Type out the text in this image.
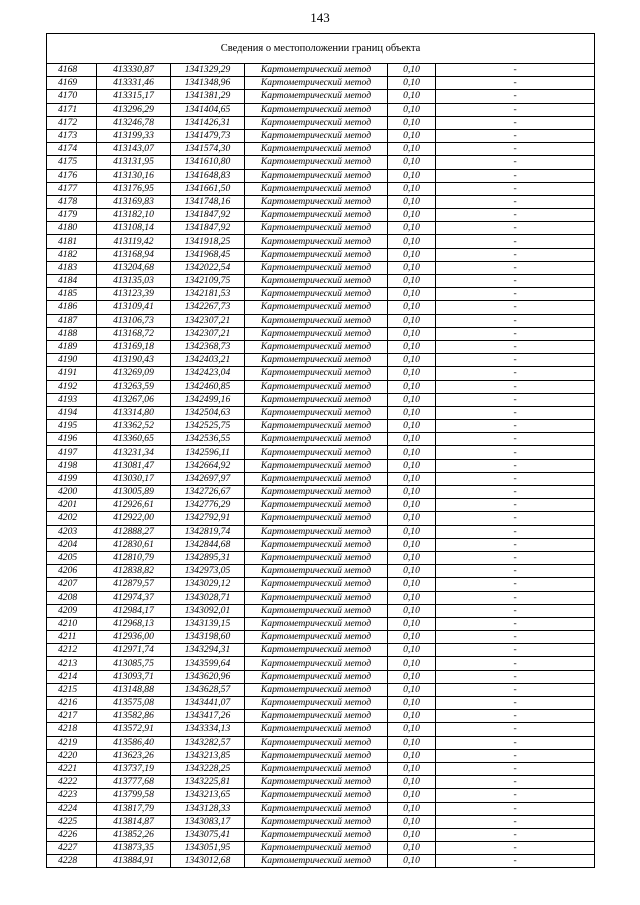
143
Сведения о местоположении границ объекта					
4168	413330,87	1341329,29	Картометрический метод	0,10	-
4169	413331,46	1341348,96	Картометрический метод	0,10	-
4170	413315,17	1341381,29	Картометрический метод	0,10	-
4171	413296,29	1341404,65	Картометрический метод	0,10	-
4172	413246,78	1341426,31	Картометрический метод	0,10	-
4173	413199,33	1341479,73	Картометрический метод	0,10	-
4174	413143,07	1341574,30	Картометрический метод	0,10	-
4175	413131,95	1341610,80	Картометрический метод	0,10	-
4176	413130,16	1341648,83	Картометрический метод	0,10	-
4177	413176,95	1341661,50	Картометрический метод	0,10	-
4178	413169,83	1341748,16	Картометрический метод	0,10	-
4179	413182,10	1341847,92	Картометрический метод	0,10	-
4180	413108,14	1341847,92	Картометрический метод	0,10	-
4181	413119,42	1341918,25	Картометрический метод	0,10	-
4182	413168,94	1341968,45	Картометрический метод	0,10	-
4183	413204,68	1342022,54	Картометрический метод	0,10	-
4184	413135,03	1342109,75	Картометрический метод	0,10	-
4185	413123,39	1342181,53	Картометрический метод	0,10	-
4186	413109,41	1342267,73	Картометрический метод	0,10	-
4187	413106,73	1342307,21	Картометрический метод	0,10	-
4188	413168,72	1342307,21	Картометрический метод	0,10	-
4189	413169,18	1342368,73	Картометрический метод	0,10	-
4190	413190,43	1342403,21	Картометрический метод	0,10	-
4191	413269,09	1342423,04	Картометрический метод	0,10	-
4192	413263,59	1342460,85	Картометрический метод	0,10	-
4193	413267,06	1342499,16	Картометрический метод	0,10	-
4194	413314,80	1342504,63	Картометрический метод	0,10	-
4195	413362,52	1342525,75	Картометрический метод	0,10	-
4196	413360,65	1342536,55	Картометрический метод	0,10	-
4197	413231,34	1342596,11	Картометрический метод	0,10	-
4198	413081,47	1342664,92	Картометрический метод	0,10	-
4199	413030,17	1342697,97	Картометрический метод	0,10	-
4200	413005,89	1342726,67	Картометрический метод	0,10	-
4201	412926,61	1342776,29	Картометрический метод	0,10	-
4202	412922,00	1342792,91	Картометрический метод	0,10	-
4203	412888,27	1342819,74	Картометрический метод	0,10	-
4204	412830,61	1342844,68	Картометрический метод	0,10	-
4205	412810,79	1342895,31	Картометрический метод	0,10	-
4206	412838,82	1342973,05	Картометрический метод	0,10	-
4207	412879,57	1343029,12	Картометрический метод	0,10	-
4208	412974,37	1343028,71	Картометрический метод	0,10	-
4209	412984,17	1343092,01	Картометрический метод	0,10	-
4210	412968,13	1343139,15	Картометрический метод	0,10	-
4211	412936,00	1343198,60	Картометрический метод	0,10	-
4212	412971,74	1343294,31	Картометрический метод	0,10	-
4213	413085,75	1343599,64	Картометрический метод	0,10	-
4214	413093,71	1343620,96	Картометрический метод	0,10	-
4215	413148,88	1343628,57	Картометрический метод	0,10	-
4216	413575,08	1343441,07	Картометрический метод	0,10	-
4217	413582,86	1343417,26	Картометрический метод	0,10	-
4218	413572,91	1343334,13	Картометрический метод	0,10	-
4219	413586,40	1343282,57	Картометрический метод	0,10	-
4220	413623,26	1343213,85	Картометрический метод	0,10	-
4221	413737,19	1343228,25	Картометрический метод	0,10	-
4222	413777,68	1343225,81	Картометрический метод	0,10	-
4223	413799,58	1343213,65	Картометрический метод	0,10	-
4224	413817,79	1343128,33	Картометрический метод	0,10	-
4225	413814,87	1343083,17	Картометрический метод	0,10	-
4226	413852,26	1343075,41	Картометрический метод	0,10	-
4227	413873,35	1343051,95	Картометрический метод	0,10	-
4228	413884,91	1343012,68	Картометрический метод	0,10	-
